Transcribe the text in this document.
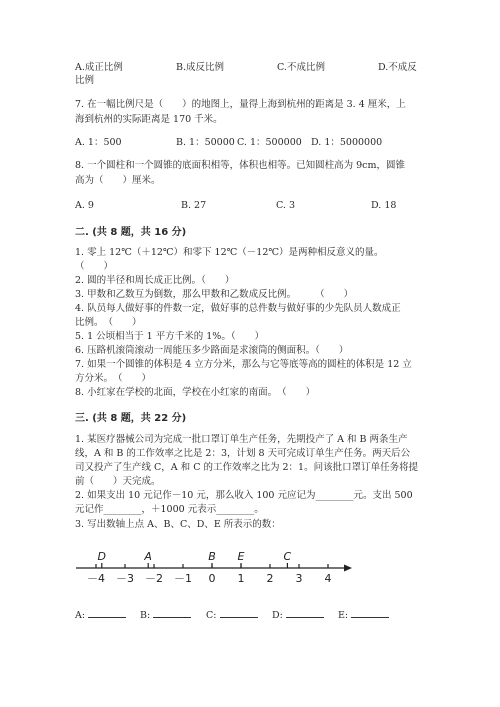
A.成正比例	B.成反比例	C.不成比例	D.不成反
比例
7. 在一幅比例尺是（　　）的地图上，量得上海到杭州的距离是 3. 4 厘米，上
海到杭州的实际距离是 170 千米。
A. 1：500	B. 1：50000 C. 1：500000 D. 1：5000000
8. 一个圆柱和一个圆锥的底面积相等，体积也相等。已知圆柱高为 9cm，圆锥
高为（　　）厘米。
A. 9	B. 27	C. 3	D. 18
二. (共 8 题，共 16 分)
1. 零上 12℃（＋12℃）和零下 12℃（－12℃）是两种相反意义的量。
（　　）
2. 圆的半径和周长成正比例。（　　）
3. 甲数和乙数互为倒数，那么甲数和乙数成反比例。　　　（　　）
4. 队员每人做好事的件数一定，做好事的总件数与做好事的少先队员人数成正
比例。　（　　）
5. 1 公顷相当于 1 平方千米的 1%。（　　）
6. 压路机滚筒滚动一周能压多少路面是求滚筒的侧面积。（　　）
7. 如果一个圆锥的体积是 4 立方分米，那么与它等底等高的圆柱的体积是 12 立
方分米。　（　　）
8. 小红家在学校的北面，学校在小红家的南面。　（　　）
三. (共 8 题，共 22 分)
1. 某医疗器械公司为完成一批口罩订单生产任务，先期投产了 A 和 B 两条生产
线，A 和 B 的工作效率之比是 2：3，计划 8 天可完成订单生产任务。两天后公
司又投产了生产线 C，A 和 C 的工作效率之比为 2：1。问该批口罩订单任务将提
前（　　）天完成。
2. 如果支出 10 元记作－10 元，那么收入 100 元应记为________元。支出 500
元记作________，＋1000 元表示________。
3. 写出数轴上点 A、B、C、D、E 所表示的数：
－4 －3 －2 －1 0 1 2 3 4
D	A	B E	C
A:	B:	C:	D:	E:
